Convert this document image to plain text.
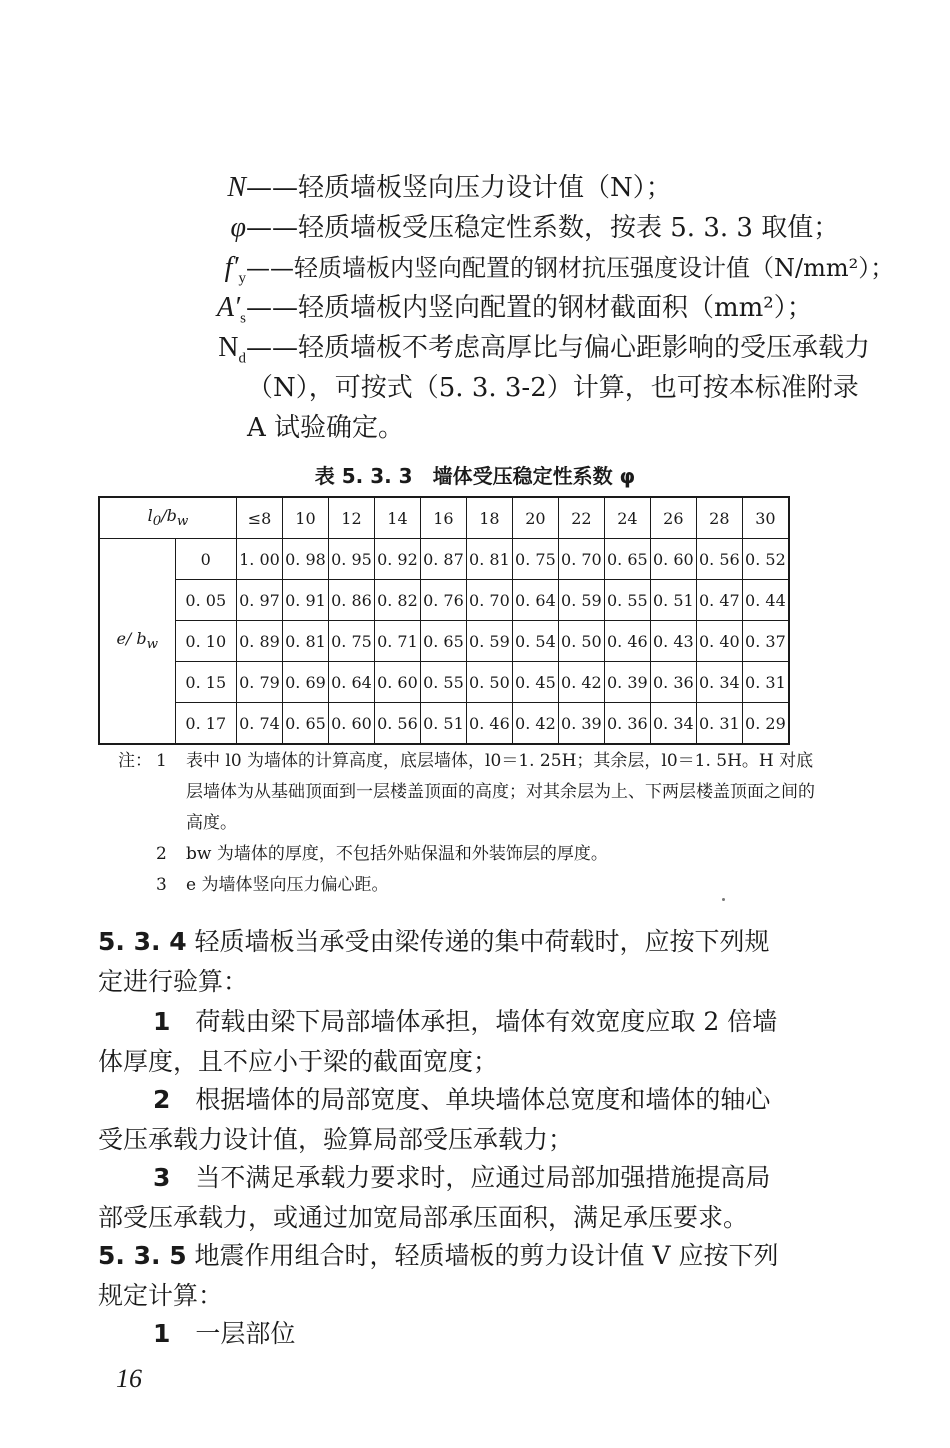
N ——轻质墙板竖向压力设计值（N）；
φ ——轻质墙板受压稳定性系数，按表 5. 3. 3 取值；
$f'_y$ ——轻质墙板内竖向配置的钢材抗压强度设计值（N/mm²）；
$A'_s$ ——轻质墙板内竖向配置的钢材截面积（mm²）；
$N_d$ ——轻质墙板不考虑高厚比与偏心距影响的受压承载力
（N），可按式（5. 3. 3-2）计算，也可按本标准附录
A 试验确定。
表 5. 3. 3　墙体受压稳定性系数 φ
$l_0/b_w$		≤8	10	12	14	16	18	20	22	24	26	28	30
e/ $b_w$	0	1. 00	0. 98	0. 95	0. 92	0. 87	0. 81	0. 75	0. 70	0. 65	0. 60	0. 56	0. 52
	0. 05	0. 97	0. 91	0. 86	0. 82	0. 76	0. 70	0. 64	0. 59	0. 55	0. 51	0. 47	0. 44
	0. 10	0. 89	0. 81	0. 75	0. 71	0. 65	0. 59	0. 54	0. 50	0. 46	0. 43	0. 40	0. 37
	0. 15	0. 79	0. 69	0. 64	0. 60	0. 55	0. 50	0. 45	0. 42	0. 39	0. 36	0. 34	0. 31
	0. 17	0. 74	0. 65	0. 60	0. 56	0. 51	0. 46	0. 42	0. 39	0. 36	0. 34	0. 31	0. 29
注： 1 表中 l0 为墙体的计算高度，底层墙体，l0＝1. 25H；其余层，l0＝1. 5H。H 对底层墙体为从基础顶面到一层楼盖顶面的高度；对其余层为上、下两层楼盖顶面之间的高度。
2 bw 为墙体的厚度，不包括外贴保温和外装饰层的厚度。
3 e 为墙体竖向压力偏心距。
5. 3. 4 轻质墙板当承受由梁传递的集中荷载时，应按下列规定进行验算：
1　 荷载由梁下局部墙体承担，墙体有效宽度应取 2 倍墙体厚度，且不应小于梁的截面宽度；
2　 根据墙体的局部宽度、单块墙体总宽度和墙体的轴心受压承载力设计值，验算局部受压承载力；
3　 当不满足承载力要求时，应通过局部加强措施提高局部受压承载力，或通过加宽局部承压面积，满足承压要求。
5. 3. 5 地震作用组合时，轻质墙板的剪力设计值 V 应按下列规定计算：
1　 一层部位
16
